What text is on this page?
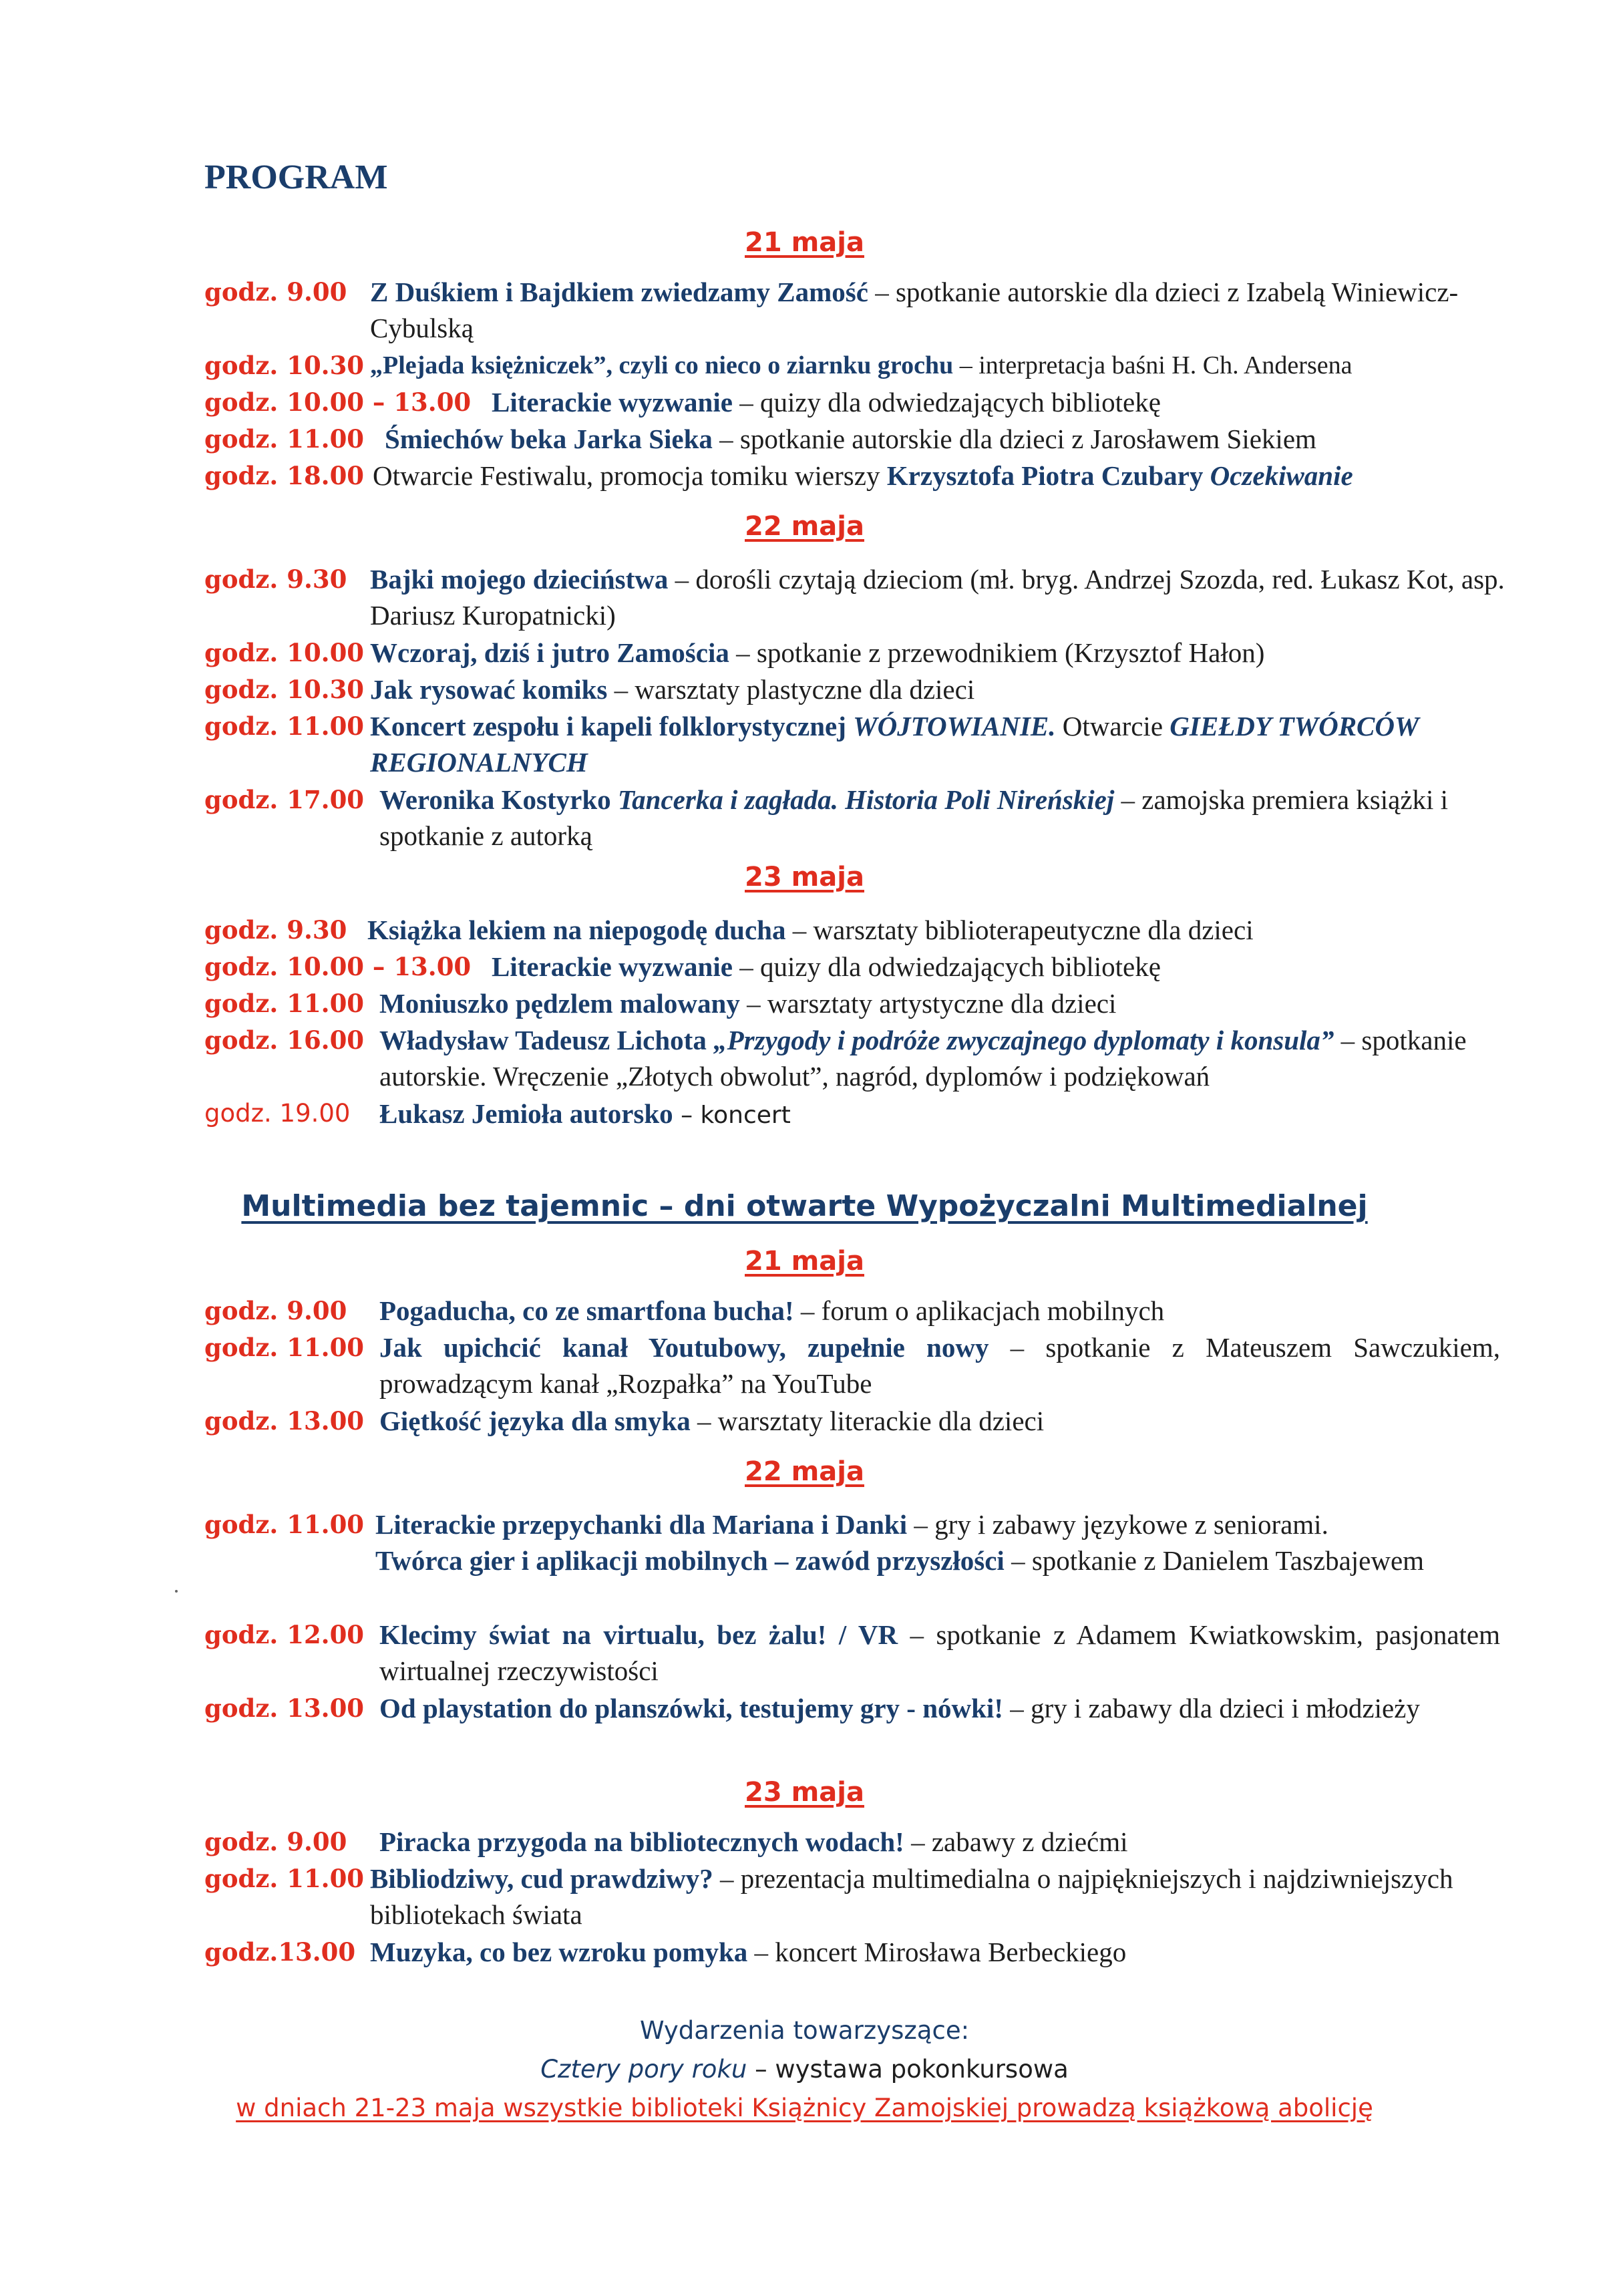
PROGRAM
21 maja
godz. 9.00 Z Duśkiem i Bajdkiem zwiedzamy Zamość – spotkanie autorskie dla dzieci z Izabelą Winiewicz-Cybulską
godz. 10.30 „Plejada księżniczek”, czyli co nieco o ziarnku grochu – interpretacja baśni H. Ch. Andersena
godz. 10.00 – 13.00 Literackie wyzwanie – quizy dla odwiedzających bibliotekę
godz. 11.00 Śmiechów beka Jarka Sieka – spotkanie autorskie dla dzieci z Jarosławem Siekiem
godz. 18.00 Otwarcie Festiwalu, promocja tomiku wierszy Krzysztofa Piotra Czubary Oczekiwanie
22 maja
godz. 9.30 Bajki mojego dzieciństwa – dorośli czytają dzieciom (mł. bryg. Andrzej Szozda, red. Łukasz Kot, asp. Dariusz Kuropatnicki)
godz. 10.00 Wczoraj, dziś i jutro Zamościa – spotkanie z przewodnikiem (Krzysztof Hałon)
godz. 10.30 Jak rysować komiks – warsztaty plastyczne dla dzieci
godz. 11.00 Koncert zespołu i kapeli folklorystycznej WÓJTOWIANIE. Otwarcie GIEŁDY TWÓRCÓW REGIONALNYCH
godz. 17.00 Weronika Kostyrko Tancerka i zagłada. Historia Poli Nireńskiej – zamojska premiera książki i spotkanie z autorką
23 maja
godz. 9.30 Książka lekiem na niepogodę ducha – warsztaty biblioterapeutyczne dla dzieci
godz. 10.00 – 13.00 Literackie wyzwanie – quizy dla odwiedzających bibliotekę
godz. 11.00 Moniuszko pędzlem malowany – warsztaty artystyczne dla dzieci
godz. 16.00 Władysław Tadeusz Lichota „Przygody i podróże zwyczajnego dyplomaty i konsula” – spotkanie autorskie. Wręczenie „Złotych obwolut”, nagród, dyplomów i podziękowań
godz. 19.00 Łukasz Jemioła autorsko – koncert
Multimedia bez tajemnic – dni otwarte Wypożyczalni Multimedialnej
21 maja
godz. 9.00 Pogaducha, co ze smartfona bucha! – forum o aplikacjach mobilnych
godz. 11.00 Jak upichcić kanał Youtubowy, zupełnie nowy – spotkanie z Mateuszem Sawczukiem, prowadzącym kanał „Rozpałka” na YouTube
godz. 13.00 Giętkość języka dla smyka – warsztaty literackie dla dzieci
22 maja
godz. 11.00 Literackie przepychanki dla Mariana i Danki – gry i zabawy językowe z seniorami.
Twórca gier i aplikacji mobilnych – zawód przyszłości – spotkanie z Danielem Taszbajewem
godz. 12.00 Klecimy świat na virtualu, bez żalu! / VR – spotkanie z Adamem Kwiatkowskim, pasjonatem wirtualnej rzeczywistości
godz. 13.00 Od playstation do planszówki, testujemy gry - nówki! – gry i zabawy dla dzieci i młodzieży
23 maja
godz. 9.00 Piracka przygoda na bibliotecznych wodach! – zabawy z dziećmi
godz. 11.00 Bibliodziwy, cud prawdziwy? – prezentacja multimedialna o najpiękniejszych i najdziwniejszych bibliotekach świata
godz.13.00 Muzyka, co bez wzroku pomyka – koncert Mirosława Berbeckiego
Wydarzenia towarzyszące:
Cztery pory roku – wystawa pokonkursowa
w dniach 21-23 maja wszystkie biblioteki Książnicy Zamojskiej prowadzą książkową abolicję
